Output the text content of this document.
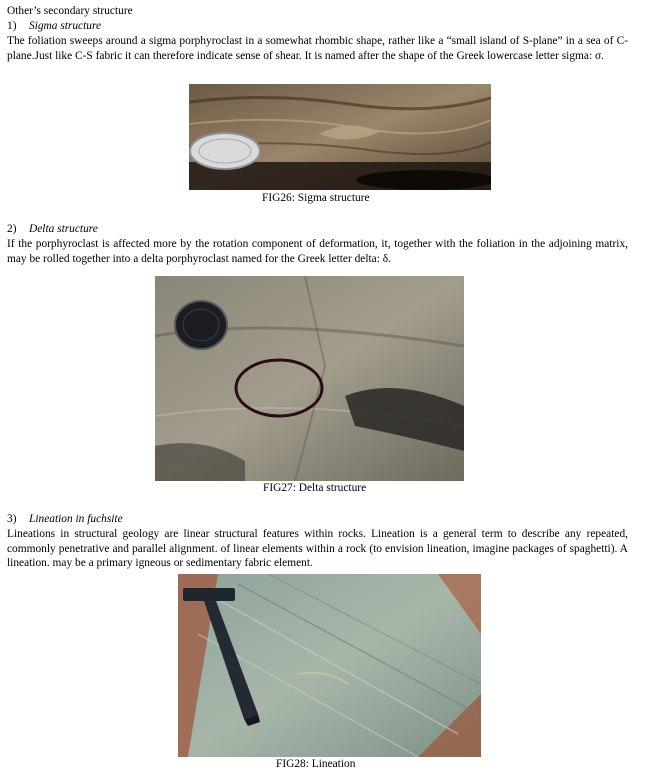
Other’s secondary structure
1) Sigma structure
The foliation sweeps around a sigma porphyroclast in a somewhat rhombic shape, rather like a “small island of S-plane” in a sea of C-plane.Just like C-S fabric it can therefore indicate sense of shear. It is named after the shape of the Greek lowercase letter sigma: σ.
FIG26: Sigma structure
2) Delta structure
If the porphyroclast is affected more by the rotation component of deformation, it, together with the foliation in the adjoining matrix, may be rolled together into a delta porphyroclast named for the Greek letter delta: δ.
FIG27: Delta structure
3) Lineation in fuchsite
Lineations in structural geology are linear structural features within rocks. Lineation is a general term to describe any repeated, commonly penetrative and parallel alignment. of linear elements within a rock (to envision lineation, imagine packages of spaghetti). A lineation. may be a primary igneous or sedimentary fabric element.
FIG28: Lineation
